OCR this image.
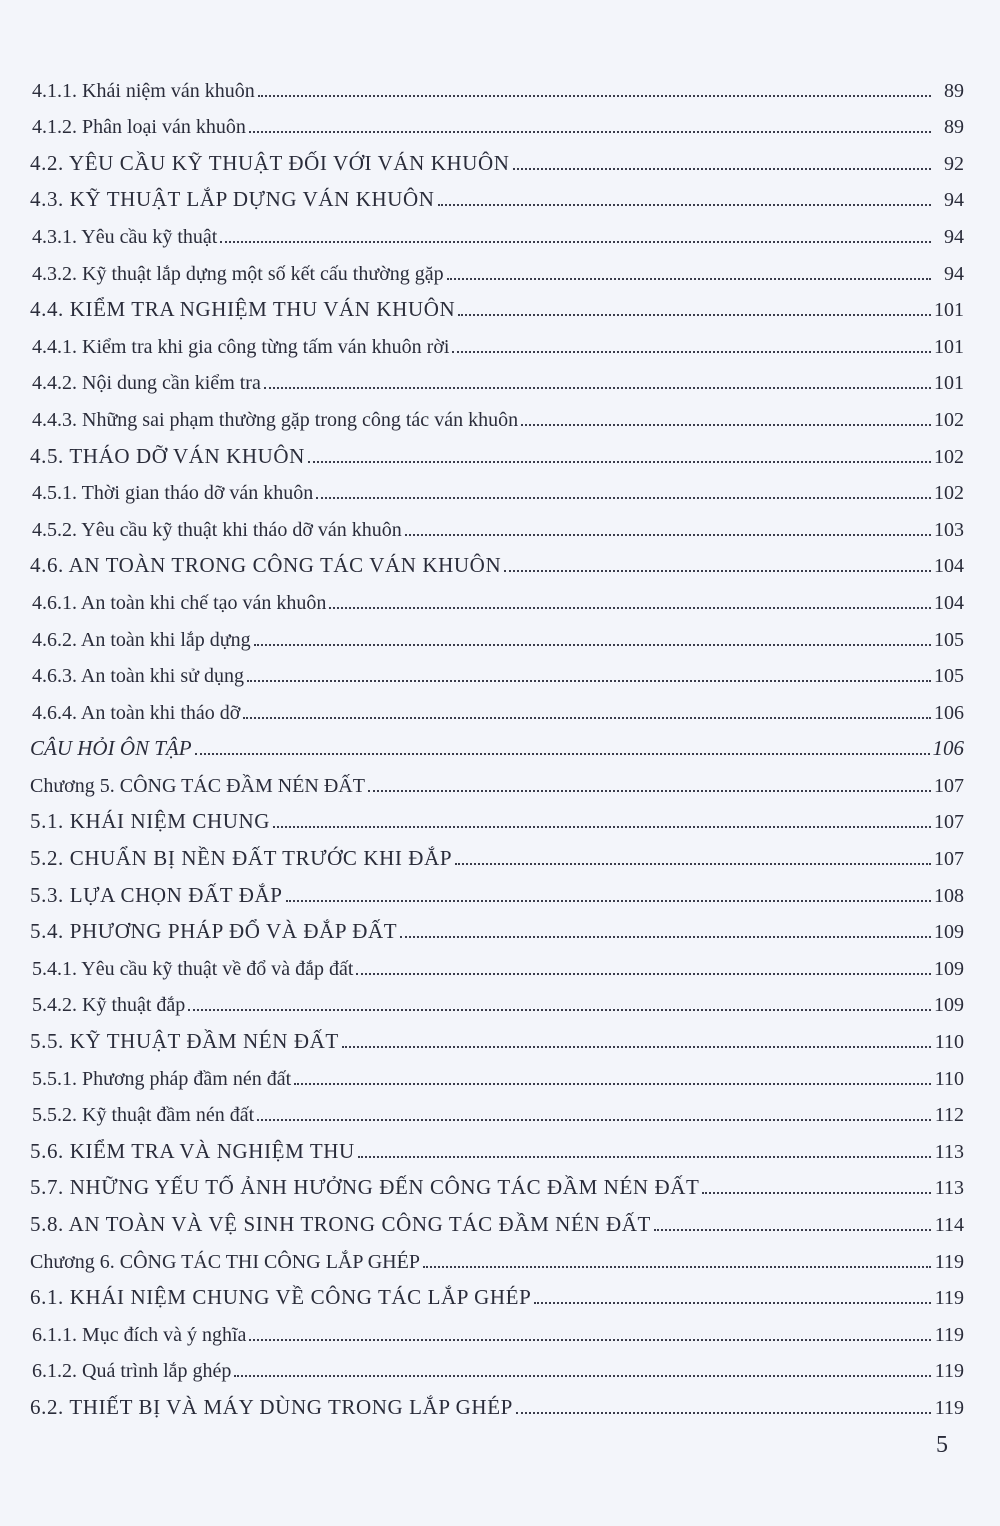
4.1.1. Khái niệm ván khuôn	89
4.1.2. Phân loại ván khuôn	89
4.2. YÊU CẦU KỸ THUẬT ĐỐI VỚI VÁN KHUÔN	92
4.3. KỸ THUẬT LẮP DỰNG VÁN KHUÔN	94
4.3.1. Yêu cầu kỹ thuật	94
4.3.2. Kỹ thuật lắp dựng một số kết cấu thường gặp	94
4.4. KIỂM TRA NGHIỆM THU VÁN KHUÔN	101
4.4.1. Kiểm tra khi gia công từng tấm ván khuôn rời	101
4.4.2. Nội dung cần kiểm tra	101
4.4.3. Những sai phạm thường gặp trong công tác ván khuôn	102
4.5. THÁO DỠ VÁN KHUÔN	102
4.5.1. Thời gian tháo dỡ ván khuôn	102
4.5.2. Yêu cầu kỹ thuật khi tháo dỡ ván khuôn	103
4.6. AN TOÀN TRONG CÔNG TÁC VÁN KHUÔN	104
4.6.1. An toàn khi chế tạo ván khuôn	104
4.6.2. An toàn khi lắp dựng	105
4.6.3. An toàn khi sử dụng	105
4.6.4. An toàn khi tháo dỡ	106
CÂU HỎI ÔN TẬP	106
Chương 5. CÔNG TÁC ĐẦM NÉN ĐẤT	107
5.1. KHÁI NIỆM CHUNG	107
5.2. CHUẨN BỊ NỀN ĐẤT TRƯỚC KHI ĐẮP	107
5.3. LỰA CHỌN ĐẤT ĐẮP	108
5.4. PHƯƠNG PHÁP ĐỔ VÀ ĐẮP ĐẤT	109
5.4.1. Yêu cầu kỹ thuật về đổ và đắp đất	109
5.4.2. Kỹ thuật đắp	109
5.5. KỸ THUẬT ĐẦM NÉN ĐẤT	110
5.5.1. Phương pháp đầm nén đất	110
5.5.2. Kỹ thuật đầm nén đất	112
5.6. KIỂM TRA VÀ NGHIỆM THU	113
5.7. NHỮNG YẾU TỐ ẢNH HƯỞNG ĐẾN CÔNG TÁC ĐẦM NÉN ĐẤT	113
5.8. AN TOÀN VÀ VỆ SINH TRONG CÔNG TÁC ĐẦM NÉN ĐẤT	114
Chương 6. CÔNG TÁC THI CÔNG LẮP GHÉP	119
6.1. KHÁI NIỆM CHUNG VỀ CÔNG TÁC LẮP GHÉP	119
6.1.1. Mục đích và ý nghĩa	119
6.1.2. Quá trình lắp ghép	119
6.2. THIẾT BỊ VÀ MÁY DÙNG TRONG LẮP GHÉP	119
5
